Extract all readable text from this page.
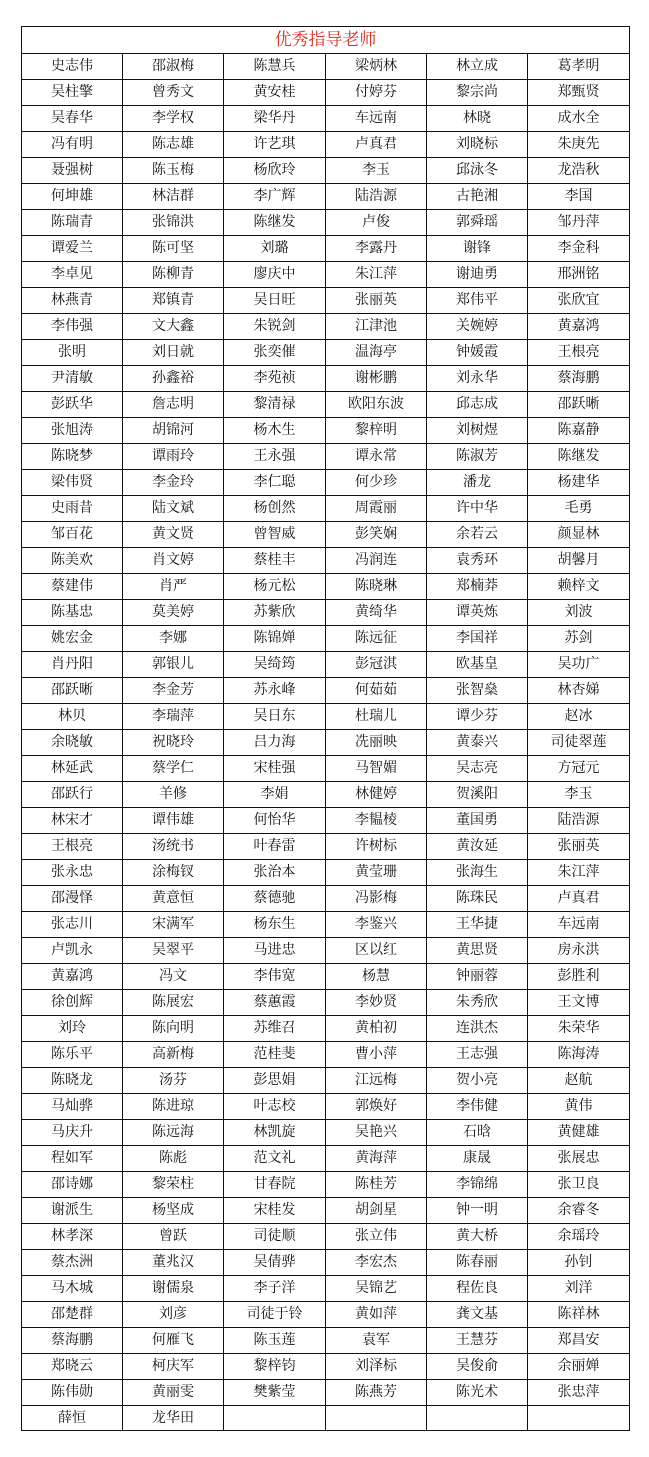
优秀指导老师					
史志伟	邵淑梅	陈慧兵	梁炳林	林立成	葛孝明
吴柱擎	曾秀文	黄安桂	付婷芬	黎宗尚	郑甄贤
吴春华	李学权	梁华丹	车远南	林晓	成水全
冯有明	陈志雄	许艺琪	卢真君	刘晓标	朱庚先
聂强树	陈玉梅	杨欣玲	李玉	邱泳冬	龙浩秋
何坤雄	林洁群	李广辉	陆浩源	古艳湘	李国
陈瑞青	张锦洪	陈继发	卢俊	郭舜瑶	邹丹萍
谭爱兰	陈可坚	刘璐	李露丹	谢锋	李金科
李卓见	陈柳青	廖庆中	朱江萍	谢迪勇	邢洲铭
林燕青	郑镇青	吴日旺	张丽英	郑伟平	张欣宜
李伟强	文大鑫	朱锐剑	江津池	关婉婷	黄嘉鸿
张明	刘日就	张奕催	温海亭	钟媛霞	王根亮
尹清敏	孙鑫裕	李苑祯	谢彬鹏	刘永华	蔡海鹏
彭跃华	詹志明	黎清禄	欧阳东波	邱志成	邵跃晰
张旭涛	胡锦河	杨木生	黎梓明	刘树煜	陈嘉静
陈晓梦	谭雨玲	王永强	谭永常	陈淑芳	陈继发
梁伟贤	李金玲	李仁聪	何少珍	潘龙	杨建华
史雨昔	陆文斌	杨创然	周霞丽	许中华	毛勇
邹百花	黄文贤	曾智威	彭笑娴	余若云	颜显林
陈美欢	肖文婷	蔡桂丰	冯润连	袁秀环	胡馨月
蔡建伟	肖严	杨元松	陈晓琳	郑楠莽	赖梓文
陈基忠	莫美婷	苏紫欣	黄绮华	谭英炼	刘波
姚宏金	李娜	陈锦婵	陈远征	李国祥	苏剑
肖丹阳	郭银儿	吴绮筠	彭冠淇	欧基皇	吴功广
邵跃晰	李金芳	苏永峰	何茹茹	张智燊	林杏娣
林贝	李瑞萍	吴日东	杜瑞儿	谭少芬	赵冰
余晓敏	祝晓玲	吕力海	冼丽映	黄泰兴	司徒翠莲
林延武	蔡学仁	宋桂强	马智媚	吴志亮	方冠元
邵跃行	羊修	李娟	林健婷	贺溪阳	李玉
林宋才	谭伟雄	何怡华	李韫棱	董国勇	陆浩源
王根亮	汤统书	叶春雷	许树标	黄汝延	张丽英
张永忠	涂梅钗	张治本	黄莹珊	张海生	朱江萍
邵漫怿	黄意恒	蔡德驰	冯影梅	陈珠民	卢真君
张志川	宋满军	杨东生	李鉴兴	王华捷	车远南
卢凯永	吴翠平	马进忠	区以红	黄思贤	房永洪
黄嘉鸿	冯文	李伟宽	杨慧	钟丽蓉	彭胜利
徐创辉	陈展宏	蔡蕙霞	李妙贤	朱秀欣	王文博
刘玲	陈向明	苏维召	黄柏初	连洪杰	朱荣华
陈乐平	高新梅	范桂斐	曹小萍	王志强	陈海涛
陈晓龙	汤芬	彭思娟	江远梅	贺小亮	赵航
马灿骅	陈进琼	叶志校	郭焕好	李伟健	黄伟
马庆升	陈远海	林凯旋	吴艳兴	石晗	黄健雄
程如军	陈彪	范文礼	黄海萍	康晟	张展忠
邵诗娜	黎荣柱	甘春院	陈桂芳	李锦绵	张卫良
谢派生	杨坚成	宋桂发	胡剑星	钟一明	余睿冬
林孝深	曾跃	司徒顺	张立伟	黄大桥	余瑶玲
蔡杰洲	董兆汉	吴倩骅	李宏杰	陈春丽	孙钊
马木城	谢儒泉	李子洋	吴锦艺	程佐良	刘洋
邵楚群	刘彦	司徒于铃	黄如萍	龚文基	陈祥林
蔡海鹏	何雁飞	陈玉莲	袁军	王慧芬	郑昌安
郑晓云	柯庆军	黎梓钧	刘泽标	吴俊俞	余丽婵
陈伟勋	黄丽雯	樊紫莹	陈燕芳	陈光术	张忠萍
薛恒	龙华田				
